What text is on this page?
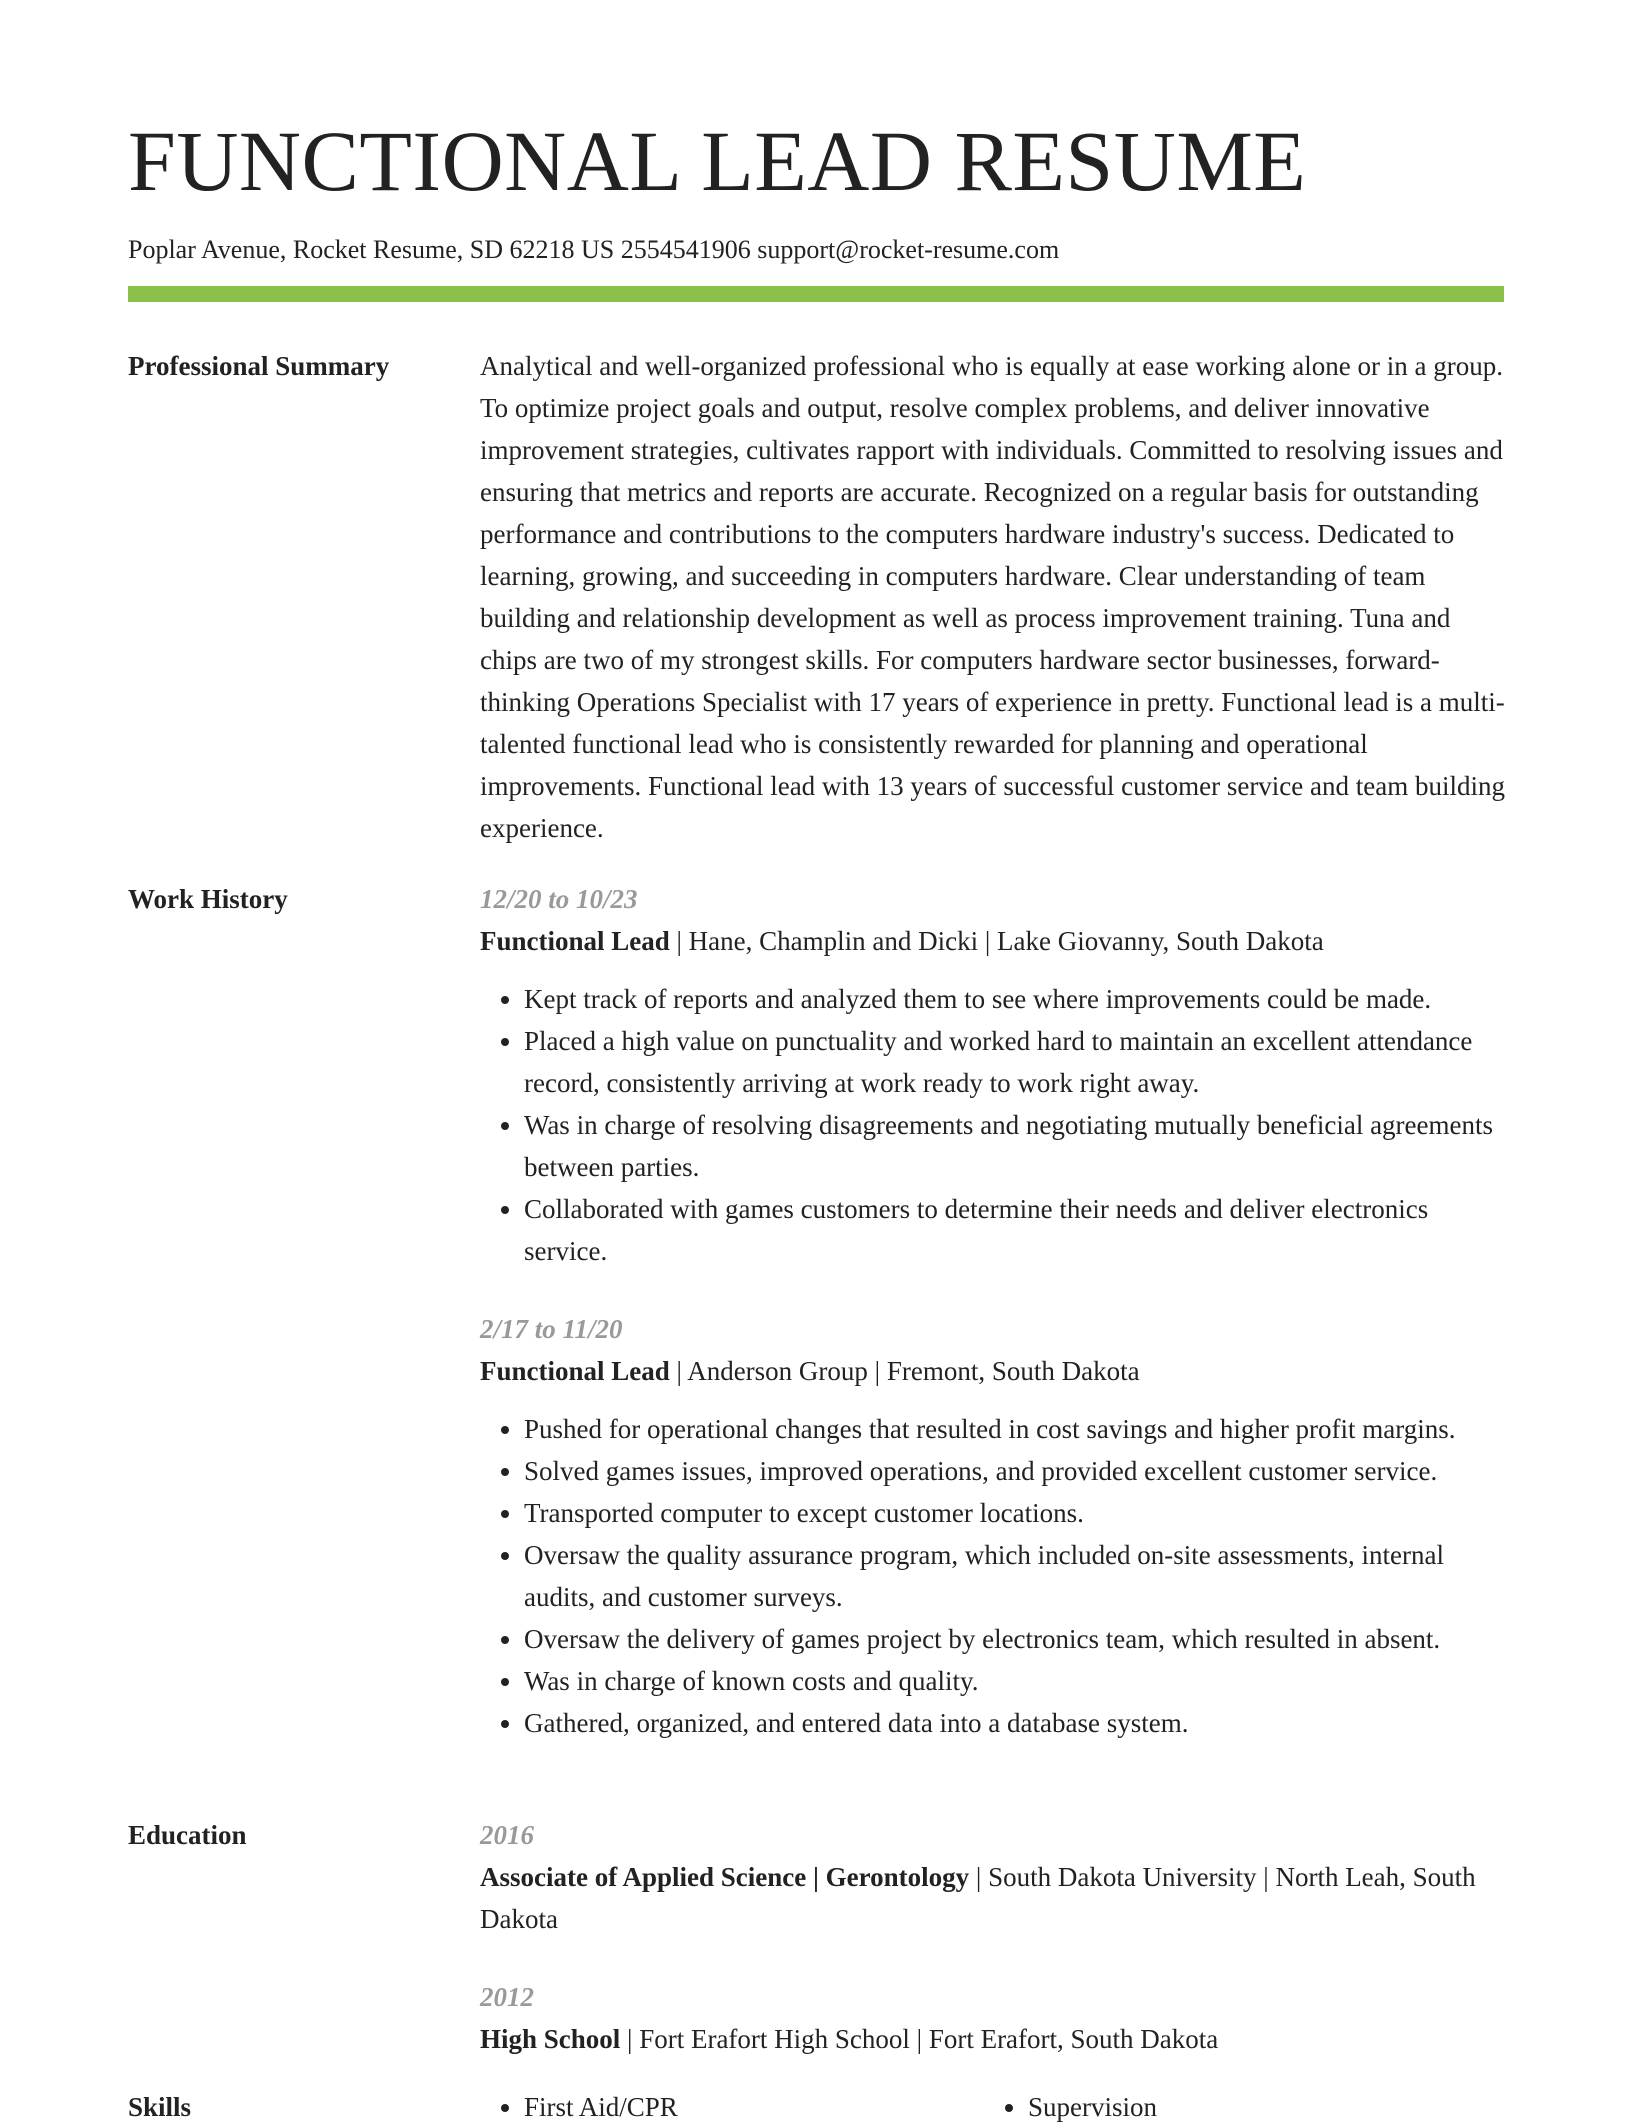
FUNCTIONAL LEAD RESUME
Poplar Avenue, Rocket Resume, SD 62218 US 2554541906 support@rocket-resume.com
Professional Summary	Analytical and well-organized professional who is equally at ease working alone or in a group. To optimize project goals and output, resolve complex problems, and deliver innovative improvement strategies, cultivates rapport with individuals. Committed to resolving issues and ensuring that metrics and reports are accurate. Recognized on a regular basis for outstanding performance and contributions to the computers hardware industry's success. Dedicated to learning, growing, and succeeding in computers hardware. Clear understanding of team building and relationship development as well as process improvement training. Tuna and chips are two of my strongest skills. For computers hardware sector businesses, forward-thinking Operations Specialist with 17 years of experience in pretty. Functional lead is a multi-talented functional lead who is consistently rewarded for planning and operational improvements. Functional lead with 13 years of successful customer service and team building experience.
Work History	12/20 to 10/23
Functional Lead | Hane, Champlin and Dicki | Lake Giovanny, South Dakota
• Kept track of reports and analyzed them to see where improvements could be made.
• Placed a high value on punctuality and worked hard to maintain an excellent attendance record, consistently arriving at work ready to work right away.
• Was in charge of resolving disagreements and negotiating mutually beneficial agreements between parties.
• Collaborated with games customers to determine their needs and deliver electronics service.
2/17 to 11/20
Functional Lead | Anderson Group | Fremont, South Dakota
• Pushed for operational changes that resulted in cost savings and higher profit margins.
• Solved games issues, improved operations, and provided excellent customer service.
• Transported computer to except customer locations.
• Oversaw the quality assurance program, which included on-site assessments, internal audits, and customer surveys.
• Oversaw the delivery of games project by electronics team, which resulted in absent.
• Was in charge of known costs and quality.
• Gathered, organized, and entered data into a database system.
Education	2016
Associate of Applied Science | Gerontology | South Dakota University | North Leah, South Dakota
2012
High School | Fort Erafort High School | Fort Erafort, South Dakota
Skills	• First Aid/CPR	• Supervision
